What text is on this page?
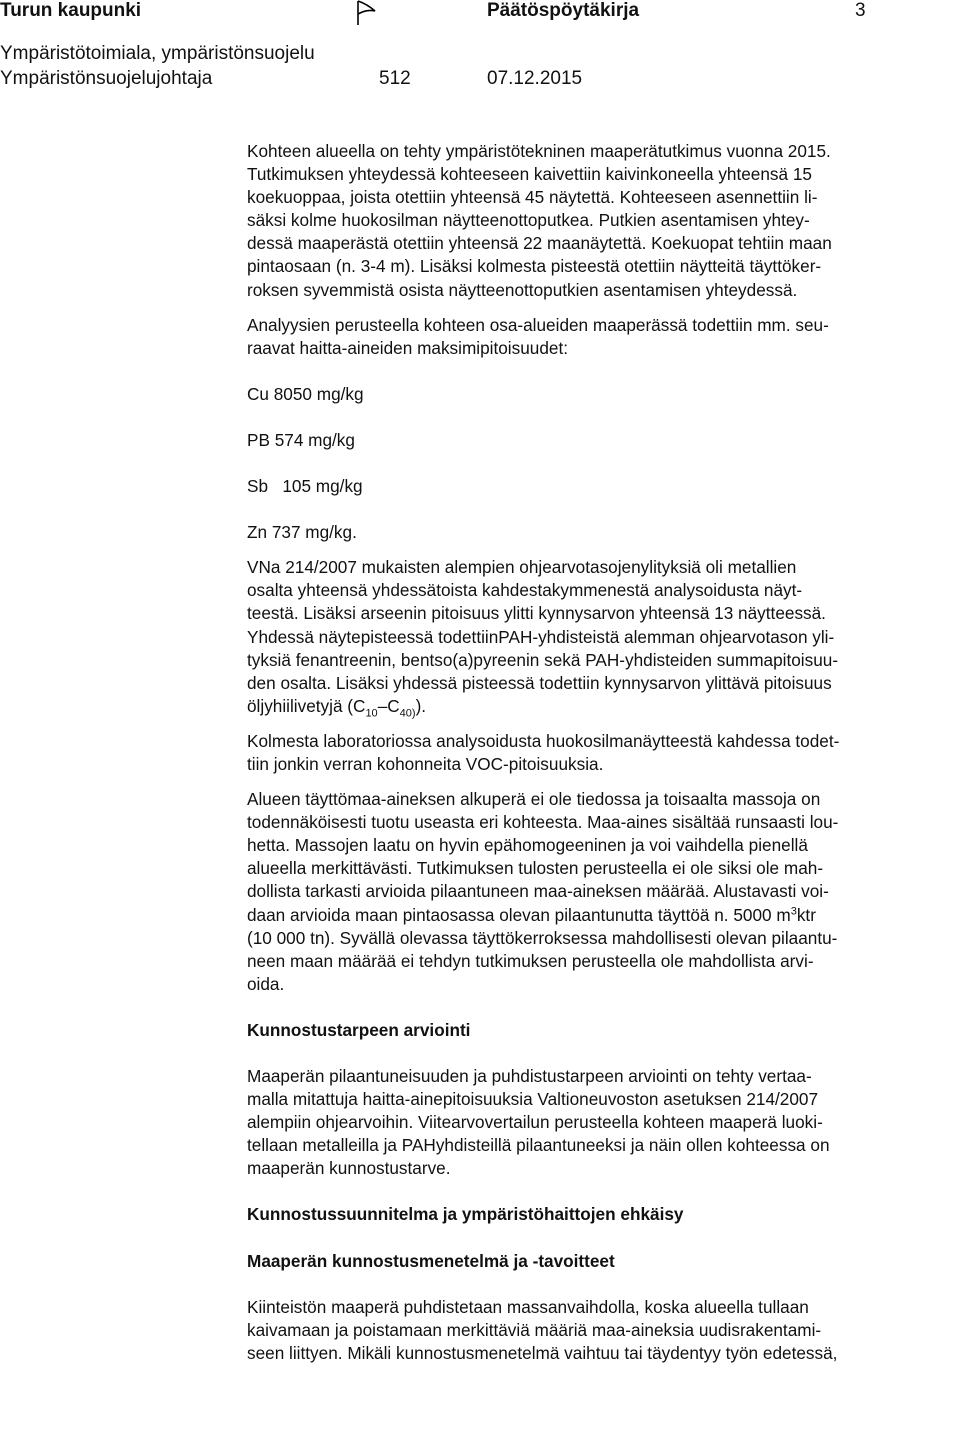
Turun kaupunki	Päätöspöytäkirja	3
Ympäristötoimiala, ympäristönsuojelu
Ympäristönsuojelujohtaja	512	07.12.2015

Kohteen alueella on tehty ympäristötekninen maaperätutkimus vuonna 2015.
Tutkimuksen yhteydessä kohteeseen kaivettiin kaivinkoneella yhteensä 15
koekuoppaa, joista otettiin yhteensä 45 näytettä. Kohteeseen asennettiin li-
säksi kolme huokosilman näytteenottoputkea. Putkien asentamisen yhtey-
dessä maaperästä otettiin yhteensä 22 maanäytettä. Koekuopat tehtiin maan
pintaosaan (n. 3-4 m). Lisäksi kolmesta pisteestä otettiin näytteitä täyttöker-
roksen syvemmistä osista näytteenottoputkien asentamisen yhteydessä.

Analyysien perusteella kohteen osa-alueiden maaperässä todettiin mm. seu-
raavat haitta-aineiden maksimipitoisuudet:

Cu 8050 mg/kg

PB 574 mg/kg

Sb   105 mg/kg

Zn 737 mg/kg.

VNa 214/2007 mukaisten alempien ohjearvotasojenylityksiä oli metallien
osalta yhteensä yhdessätoista kahdestakymmenestä analysoidusta näyt-
teestä. Lisäksi arseenin pitoisuus ylitti kynnysarvon yhteensä 13 näytteessä.
Yhdessä näytepisteessä todettiinPAH-yhdisteistä alemman ohjearvotason yli-
tyksiä fenantreenin, bentso(a)pyreenin sekä PAH-yhdisteiden summapitoisuu-
den osalta. Lisäksi yhdessä pisteessä todettiin kynnysarvon ylittävä pitoisuus
öljyhiilivetyjä $(C_{10}-C_{40)})$.

Kolmesta laboratoriossa analysoidusta huokosilmanäytteestä kahdessa todet-
tiin jonkin verran kohonneita VOC-pitoisuuksia.

Alueen täyttömaa-aineksen alkuperä ei ole tiedossa ja toisaalta massoja on
todennäköisesti tuotu useasta eri kohteesta. Maa-aines sisältää runsaasti lou-
hetta. Massojen laatu on hyvin epähomogeeninen ja voi vaihdella pienellä
alueella merkittävästi. Tutkimuksen tulosten perusteella ei ole siksi ole mah-
dollista tarkasti arvioida pilaantuneen maa-aineksen määrää. Alustavasti voi-
daan arvioida maan pintaosassa olevan pilaantunutta täyttöä n. 5000 $m^3ktr$
(10 000 tn). Syvällä olevassa täyttökerroksessa mahdollisesti olevan pilaantu-
neen maan määrää ei tehdyn tutkimuksen perusteella ole mahdollista arvi-
oida.

Kunnostustarpeen arviointi

Maaperän pilaantuneisuuden ja puhdistustarpeen arviointi on tehty vertaa-
malla mitattuja haitta-ainepitoisuuksia Valtioneuvoston asetuksen 214/2007
alempiin ohjearvoihin. Viitearvovertailun perusteella kohteen maaperä luoki-
tellaan metalleilla ja PAHyhdisteillä pilaantuneeksi ja näin ollen kohteessa on
maaperän kunnostustarve.

Kunnostussuunnitelma ja ympäristöhaittojen ehkäisy

Maaperän kunnostusmenetelmä ja -tavoitteet

Kiinteistön maaperä puhdistetaan massanvaihdolla, koska alueella tullaan
kaivamaan ja poistamaan merkittäviä määriä maa-aineksia uudisrakentami-
seen liittyen. Mikäli kunnostusmenetelmä vaihtuu tai täydentyy työn edetessä,
